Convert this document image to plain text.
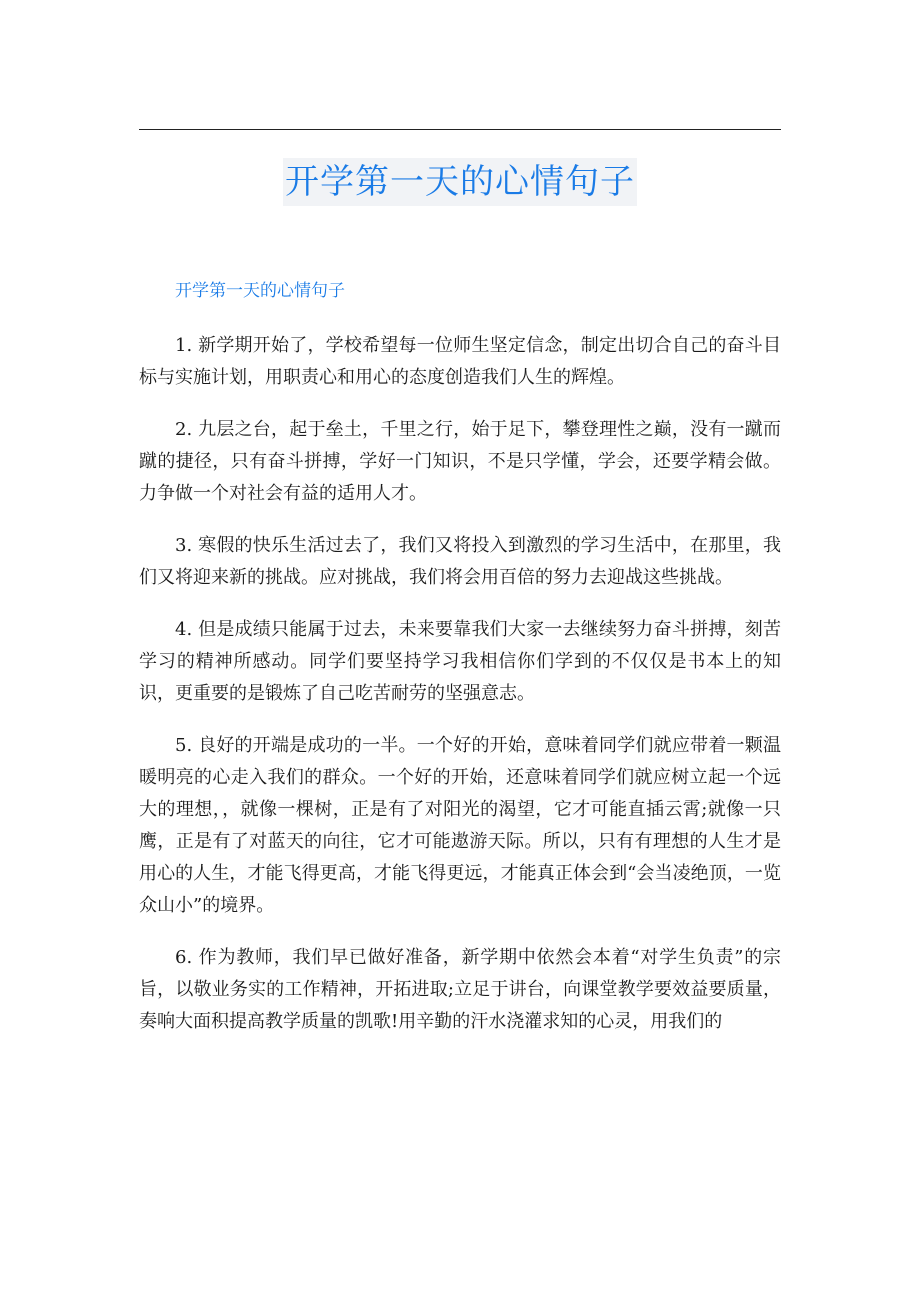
开学第一天的心情句子
开学第一天的心情句子

1. 新学期开始了，学校希望每一位师生坚定信念，制定出切合自己的奋斗目标与实施计划，用职责心和用心的态度创造我们人生的辉煌。

2. 九层之台，起于垒土，千里之行，始于足下，攀登理性之巅，没有一蹴而蹴的捷径，只有奋斗拼搏，学好一门知识，不是只学懂，学会，还要学精会做。力争做一个对社会有益的适用人才。

3. 寒假的快乐生活过去了，我们又将投入到激烈的学习生活中，在那里，我们又将迎来新的挑战。应对挑战，我们将会用百倍的努力去迎战这些挑战。

4. 但是成绩只能属于过去，未来要靠我们大家一去继续努力奋斗拼搏，刻苦学习的精神所感动。同学们要坚持学习我相信你们学到的不仅仅是书本上的知识，更重要的是锻炼了自己吃苦耐劳的坚强意志。

5. 良好的开端是成功的一半。一个好的开始，意味着同学们就应带着一颗温暖明亮的心走入我们的群众。一个好的开始，还意味着同学们就应树立起一个远大的理想，，就像一棵树，正是有了对阳光的渴望，它才可能直插云霄;就像一只鹰，正是有了对蓝天的向往，它才可能遨游天际。所以，只有有理想的人生才是用心的人生，才能飞得更高，才能飞得更远，才能真正体会到“会当凌绝顶，一览众山小”的境界。

6. 作为教师，我们早已做好准备，新学期中依然会本着“对学生负责”的宗旨，以敬业务实的工作精神，开拓进取;立足于讲台，向课堂教学要效益要质量，奏响大面积提高教学质量的凯歌!用辛勤的汗水浇灌求知的心灵，用我们的
